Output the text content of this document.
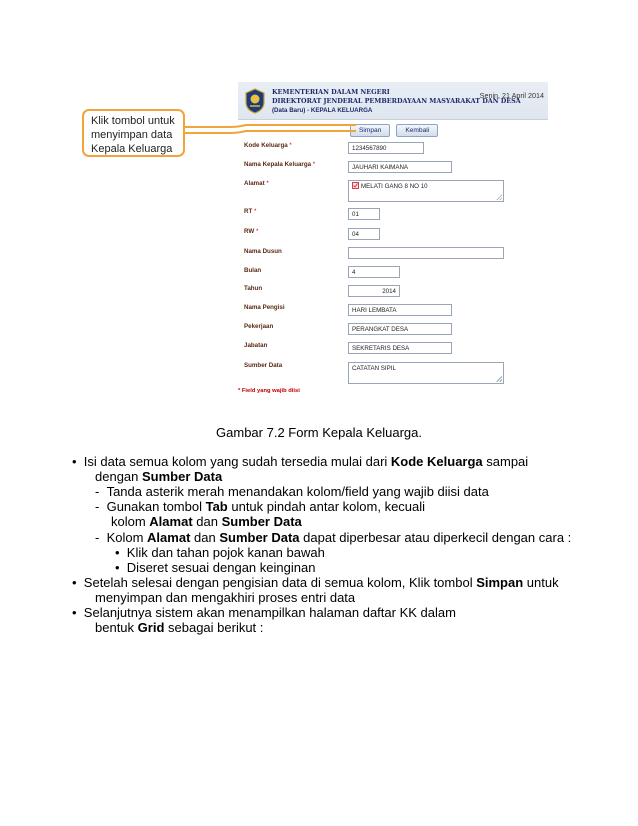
KEMENTERIAN DALAM NEGERI
DIREKTORAT JENDERAL PEMBERDAYAAN MASYARAKAT DAN DESA
(Data Baru) - KEPALA KELUARGA
Senin, 21 April 2014
Simpan	Kembali
Kode Keluarga *
Nama Kepala Keluarga *
Alamat *
RT *
RW *
Nama Dusun
Bulan
Tahun
Nama Pengisi
Pekerjaan
Jabatan
Sumber Data
1234567890
JAUHARI KAIMANA
MELATI GANG 8 NO 10
01
04
4
2014
HARI LEMBATA
PERANGKAT DESA
SEKRETARIS DESA
CATATAN SIPIL
* Field yang wajib diisi
Klik tombol untuk
menyimpan data
Kepala Keluarga
Gambar 7.2 Form Kepala Keluarga.
• Isi data semua kolom yang sudah tersedia mulai dari Kode Keluarga sampai
dengan Sumber Data
- Tanda asterik merah menandakan kolom/field yang wajib diisi data
- Gunakan tombol Tab untuk pindah antar kolom, kecuali
kolom Alamat dan Sumber Data
- Kolom Alamat dan Sumber Data dapat diperbesar atau diperkecil dengan cara :
• Klik dan tahan pojok kanan bawah
• Diseret sesuai dengan keinginan
• Setelah selesai dengan pengisian data di semua kolom, Klik tombol Simpan untuk
menyimpan dan mengakhiri proses entri data
• Selanjutnya sistem akan menampilkan halaman daftar KK dalam
bentuk Grid sebagai berikut :
